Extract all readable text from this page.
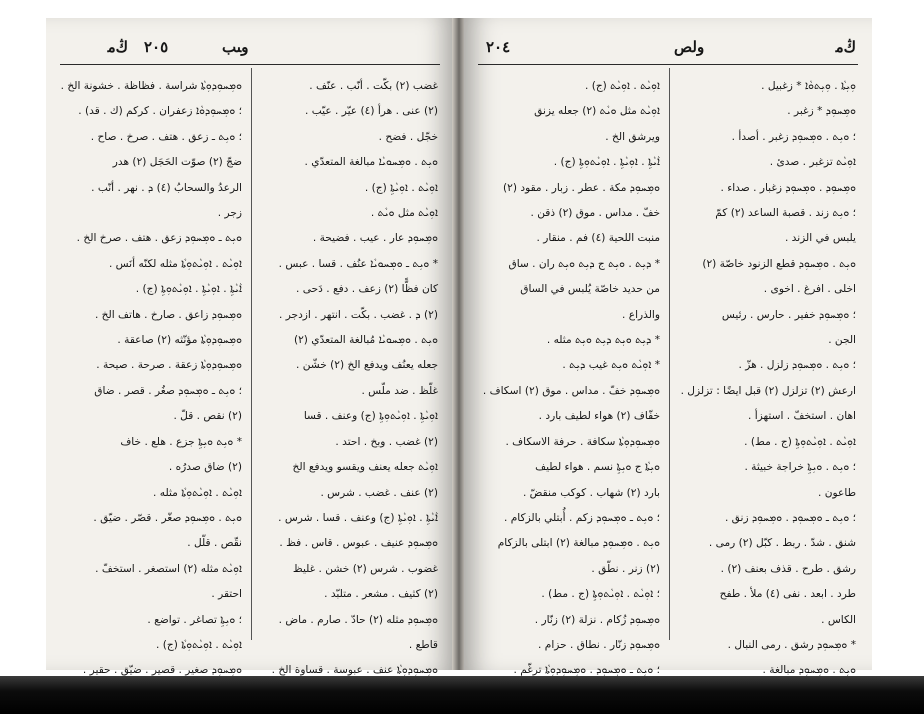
٢٠٥	وﯩﺐ
ﯓﻣ
ﻏﻀﺐ (٢) ﺑﻜّﺖ . أﻧّﺐ . ﻋﻨّﻒ .
(٢) ﻋﻨﻰ . ﻫﺮأ (٤) ﻋﻴّﺮ . ﻋﻴّﺐ .
ﺧﺠّﻞ . ﻓﻀﺢ .
ܘܝܼܬ . ܘܡܼܚܘܝܵܐ ﻣﺒﺎﻟﻐﺔ اﻟﻤﺘﻌﺪّي .
ܐܘܼܝܵܬ . ܐܘܼܝܵܬܹܐ (ج) .
ܐܘܼܝܵܬ ﻣﺜﻞ ܘܝܵܬ .
ܘܡܼܚܘܼܕ ﻋﺎر . ﻋﻴﺐ . ﻓﻀﻴﺤﺔ .
* ܘܝܼܬ ـ ܘܡܼܚܘܝܵܐ ﻋﻨُﻒ . ﻗﺴﺎ . ﻋﺒﺲ .
ﻛﺎن ﻓﻈًّﺎ (٢) زﻋﻒ . دﻓﻊ . دَﺣﻰ .
(٢) ܕ . ﻏﻀﺐ . ﺑﻜّﺖ . اﻧﺘﻬﺮ . ازدﺟﺮ .
ܘܝܼܬ . ܘܡܼܚܘܝܵܐ ﻣُﺒﺎﻟﻐﺔ اﻟﻤﺘﻌﺪّي (٢)
ﺟﻌﻠﻪ ﻳﻌﻨُﻒ وﻳﺪﻓﻊ اﻟﺦ (٢) ﺧﺸّﻦ .
ﻏﻠّﻆ . ﺿﺪ ﻣﻠّﺲ .
ܐܘܼܝܵܬܹܐ . ܐܘܼܝܵܬܘܼܬܹܐ (ج) وﻋﻨﻒ . ﻗﺴﺎ
(٢) ﻏﻀﺐ . وﺑﺦ . اﺣﺘﺪ .
ܐܘܼܝܵܬ ﺟﻌﻠﻪ ﻳﻌﻨﻒ وﻳﻘﺴﻮ وﻳﺪﻓﻊ اﻟﺦ
(٢) ﻋﻨﻒ . ﻏﻀﺐ . ﺷﺮس .
ܐܵܝܵܬܹܐ . ܐܘܼܝܵܬܹܐ (ج) وﻋﻨﻒ . ﻗﺴﺎ . ﺷﺮس .
ܘܡܼܚܘܼܕ ﻋﻨﻴﻒ . ﻋﺒﻮس . ﻗﺎس . ﻓﻆ .
ﻏﻀﻮب . ﺷﺮس (٢) ﺧﺸﻦ . ﻏﻠﻴﻆ
(٢) ﻛﺜﻴﻒ . ﻣﺸﻌﺮ . ﻣﺘﻠﺒّﺪ .
ܘܡܼܚܘܼܕ ﻣﺜﻠﻪ (٢) ﺣﺎدّ . ﺻﺎرم . ﻣﺎض .
ﻗﺎﻃﻊ .
ܘܡܼܚܘܼܕܘܼܬܵܐ ﻋﻨﻒ . ﻋﺒﻮﺳﺔ . ﻗﺴﺎوة اﻟﺦ .
ܘܡܼܚܘܼܕܘܼܬܵܐ ﺷﺮاﺳﺔ . ﻓﻈﺎﻇﺔ . ﺧﺸﻮﻧﺔ اﻟﺦ .
؛ ܘܡܼܚܘܼܕܘܵܐ زﻋﻔﺮان . ﻛﺮﻛﻢ (ك . ﻗﺪ) .
؛ ܘܝܼܬ ـ زﻋﻖ . ﻫﺘﻒ . ﺻﺮخ . ﺻﺎح .
ﺿﺞّ (٢) ﺻﻮّت اﻟﺤَﺠَﻞ (٢) ﻫﺪر
اﻟﺮﻋﺪُ واﻟﺴﺤﺎبُ (٤) ܕ . ﻧﻬﺮ . أﻧّﺐ .
زﺟﺮ .
ܘܝܼܬ ـ ܘܡܼܚܘܼܕ زﻋﻖ . ﻫﺘﻒ . ﺻﺮخ اﻟﺦ .
ܐܘܼܝܵܬ . ܐܘܼܝܵܬܘܼܬܵܐ ﻣﺜﻠﻪ ﻟﻜﻨّﻪ أﻧَﺲ .
ܐܵܝܵܬܹܐ . ܐܘܼܝܵܬܹܐ . ܐܘܼܝܵܬܘܼܬܹܐ (ج) .
ܘܡܼܚܘܼܕ زاﻋﻖ . ﺻﺎرخ . ﻫﺎﺗﻒ اﻟﺦ .
ܘܡܼܚܘܼܕܘܼܬܵܐ ﻣﺆﻧّﺜﻪ (٢) ﺻﺎﻋﻘﺔ .
ܘܡܼܚܘܼܕܘܼܬܵܐ زﻋﻘﺔ . ﺻﺮﺣﺔ . ﺻﻴﺤﺔ .
؛ ܘܝܼܬ ـ ܘܡܼܚܘܼܕ ﺻﻐُﺮ . ﻗﺼﺮ . ﺿﺎق
(٢) ﻧﻘﺺ . ﻗﻞّ .
* ܘܝܼܬ ܘܝܼܬܹܐ ﺟﺰع . ﻫﻠﻊ . ﺧﺎف
(٢) ﺿﺎق ﺻﺪرُه .
ܐܘܼܝܵܬ . ܐܘܼܝܵܬܘܼܬܵܐ ﻣﺜﻠﻪ .
ܘܝܼܬ . ܘܡܼܚܘܼܕ ﺻﻐّﺮ . ﻗﺼّﺮ . ﺿﻴّﻖ .
ﻧﻘّﺺ . ﻗﻠّﻞ .
ܐܘܼܝܵܬ ﻣﺜﻠﻪ (٢) اﺳﺘﺼﻐﺮ . اﺳﺘﺨﻒّ .
اﺣﺘﻘﺮ .
؛ ܘܝܼܬܹܐ ﺗﺼﺎﻏﺮ . ﺗﻮاﺿﻊ .
ܐܘܼܝܵܬ . ܐܘܼܝܵܬܘܼܬܵܐ (ج) .
ܘܡܼܚܘܼܕ ﺻﻐﻴﺮ . ﻗﺼﻴﺮ . ﺿﻴّﻖ . ﺣﻘﻴﺮ .
ﯓﻣ
وﻟﺺ
٢٠٤
ܘܼܝܼܬܵܐ . ܘܼܝܼܬܘܵܐ * زﻏﺒﻴﻞ .
ܘܡܼܚܘܼܕ * زﻏﺒﺮ .
؛ ܘܝܼܬ . ܘܡܼܚܘܼܕ زﻏﺒﺮ . أﺻﺪأ .
ܐܘܼܝܵܬ ﺗﺰﻏﺒﺮ . ﺻﺪئ .
ܘܡܼܚܘܼܕ . ܘܡܼܚܘܼܕ زﻏﺒﺎر . ﺻﺪاء .
؛ ܘܝܼܬ زﻧﺪ . ﻗﺼﺒﺔ اﻟﺴﺎﻋﺪ (٢) ﻛﻢّ
ﻳﻠﺒﺲ ﻓﻲ اﻟﺰﻧﺪ .
ܘܝܼܬ . ܘܡܼܚܘܼܕ ﻗﻄﻊ اﻟﺰﻧﻮد ﺧﺎﺻّﺔ (٢)
اﺧﻠﻰ . اﻓﺮغ . اﺧﻮى .
؛ ܘܡܼܚܘܼܕ ﺧﻔﻴﺮ . ﺣﺎرس . رﺋﻴﺲ
اﻟﺠﻦ .
؛ ܘܝܼܬ . ܘܡܼܚܘܼܕ زﻟﺰل . ﻫﺰّ .
ارﻋﺶ (٢) ﺗﺰﻟﺰل (٢) ﻗﺒﻞ اﻳﻀًﺎ : ﺗﺰﻟﺰل .
اﻫﺎن . اﺳﺘﺨﻒّ . اﺳﺘﻬﺰأ .
ܐܘܼܝܵܬ . ܐܘܼܝܵܬܘܼܬܹܐ (ج . ﻣﻂ) .
؛ ܘܝܼܬ . ܘܝܼܬܹܐ ﺧﺮاﺟﺔ ﺧﺒﻴﺜﺔ .
ﻃﺎﻋﻮن .
؛ ܘܝܼܬ ـ ܘܡܼܚܘܼܕ . ܘܡܼܚܘܼܕ زﻧﻖ .
ﺷﻨﻖ . ﺷﺪّ . رﺑﻂ . ﻛﺒّﻞ (٢) رﻣﻰ .
رﺷﻖ . ﻃﺮح . ﻗﺬف ﺑﻌﻨﻒ (٢) .
ﻃﺮد . اﺑﻌﺪ . ﻧﻔﻰ (٤) ﻣﻸ . ﻃﻔﺢ
اﻟﻜﺎس .
* ܘܡܼܚܘܼܕ رﺷﻖ . رﻣﻰ اﻟﻨﺒﺎل .
ܘܝܼܬ . ܘܡܼܚܘܼܕ ﻣﺒﺎﻟﻐﺔ .
ܐܘܼܝܵܬ . ܐܘܼܝܵܬ (ج) .
ܐܘܼܝܵܬ ﻣﺜﻞ ܘܝܵܬ (٢) ﺟﻌﻠﻪ ﻳﺰﻧﻖ
وﻳﺮﺷﻖ اﻟﺦ .
ܐܵܝܵܬܹܐ . ܐܘܼܝܵܬܹܐ . ܐܘܼܝܵܬܘܼܬܹܐ (ج) .
ܘܡܼܚܘܼܕ ﻣﻜﺔ . ﻋﻄﺮ . زﺑﺎر . ﻣﻘﻮد (٢)
ﺧﻒّ . ﻣﺪاس . ﻣﻮق (٢) ذﻗﻦ .
ﻣﻨﺒﺖ اﻟﻠﺤﻴﺔ (٤) ﻓﻢ . ﻣﻨﻘﺎر .
* ܕܝܼܬ . ܘܝܼܬ ج ܕܝܼܬ ܘܝܼܬ ران . ﺳﺎق
ﻣﻦ ﺣﺪﻳﺪ ﺧﺎﺻّﺔ ﻳُﻠﺒﺲ ﻓﻲ اﻟﺴﺎق
واﻟﺬراع .
* ܕܝܼܬ ܘܝܼܬ ܕܝܼܬ ܘܝܼܬ ﻣﺜﻠﻪ .
* ܐܘܼܝܵܬ ܘܝܼܬ ﻏﻴﺐ ܕܝܼܬ .
ܘܡܼܚܘܼܕ ﺧﻒّ . ﻣﺪاس . ﻣﻮق (٢) اﺳﻜﺎف .
ﺧﻔّﺎف (٢) ﻫﻮاء ﻟﻄﻴﻒ ﺑﺎرد .
ܘܡܼܚܘܼܕܘܼܬܵܐ ﺳﻜﺎﻓﺔ . ﺣﺮﻓﺔ اﻻﺳﻜﺎف .
ܘܝܼܬܵܐ ج ܘܝܼܬܹܐ ﻧﺴﻢ . ﻫﻮاء ﻟﻄﻴﻒ
ﺑﺎرد (٢) ﺷﻬﺎب . ﻛﻮﻛﺐ ﻣﻨﻘﺾّ .
؛ ܘܝܼܬ ـ ܘܡܼܚܘܼܕ زﻛﻢ . أُﺑﺘﻠﻲ ﺑﺎﻟﺰﻛﺎم .
ܘܝܼܬ . ܘܡܼܚܘܼܕ ﻣﺒﺎﻟﻐﺔ (٢) اﺑﺘﻠﻰ ﺑﺎﻟﺰﻛﺎم
(٢) زﻧﺮ . ﻧﻄّﻖ .
؛ ܐܘܼܝܵܬ . ܐܘܼܝܵܬܘܼܬܹܐ (ج . ﻣﻂ) .
ܘܡܼܚܘܼܕ زُﻛﺎم . ﻧﺰﻟﺔ (٢) زﻧّﺎر .
ܘܡܼܚܘܼܕ زﻧّﺎر . ﻧﻄﺎق . ﺣﺰام .
؛ ܘܝܼܬ ـ ܘܡܼܚܘܼܕ . ܘܡܼܚܘܼܕܘܼܬܵܐ ﺗﺮﻏّﻢ .
